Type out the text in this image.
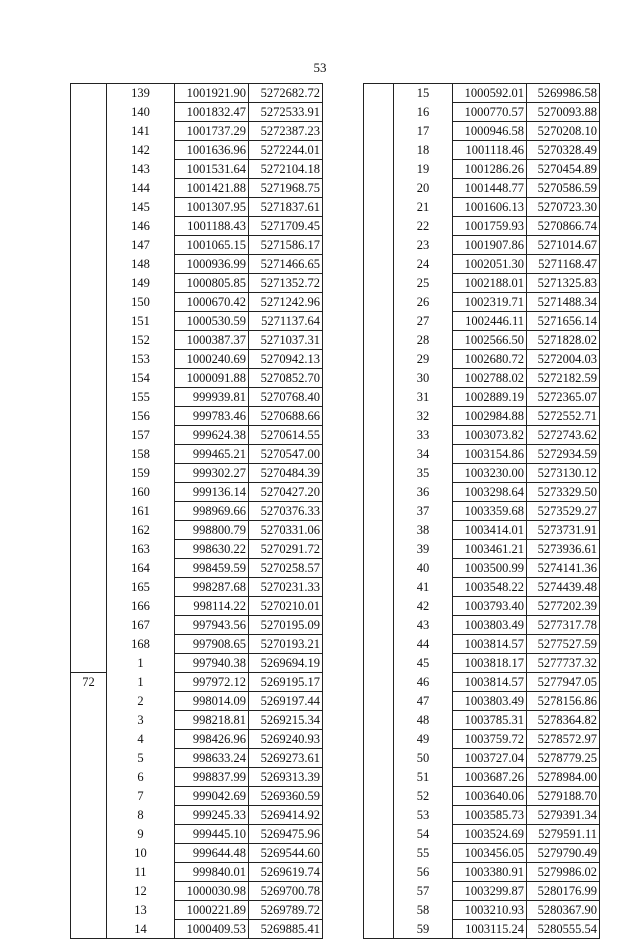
53
	139	1001921.90	5272682.72
	140	1001832.47	5272533.91
	141	1001737.29	5272387.23
	142	1001636.96	5272244.01
	143	1001531.64	5272104.18
	144	1001421.88	5271968.75
	145	1001307.95	5271837.61
	146	1001188.43	5271709.45
	147	1001065.15	5271586.17
	148	1000936.99	5271466.65
	149	1000805.85	5271352.72
	150	1000670.42	5271242.96
	151	1000530.59	5271137.64
	152	1000387.37	5271037.31
	153	1000240.69	5270942.13
	154	1000091.88	5270852.70
	155	999939.81	5270768.40
	156	999783.46	5270688.66
	157	999624.38	5270614.55
	158	999465.21	5270547.00
	159	999302.27	5270484.39
	160	999136.14	5270427.20
	161	998969.66	5270376.33
	162	998800.79	5270331.06
	163	998630.22	5270291.72
	164	998459.59	5270258.57
	165	998287.68	5270231.33
	166	998114.22	5270210.01
	167	997943.56	5270195.09
	168	997908.65	5270193.21
	1	997940.38	5269694.19
72	1	997972.12	5269195.17
	2	998014.09	5269197.44
	3	998218.81	5269215.34
	4	998426.96	5269240.93
	5	998633.24	5269273.61
	6	998837.99	5269313.39
	7	999042.69	5269360.59
	8	999245.33	5269414.92
	9	999445.10	5269475.96
	10	999644.48	5269544.60
	11	999840.01	5269619.74
	12	1000030.98	5269700.78
	13	1000221.89	5269789.72
	14	1000409.53	5269885.41
	15	1000592.01	5269986.58
	16	1000770.57	5270093.88
	17	1000946.58	5270208.10
	18	1001118.46	5270328.49
	19	1001286.26	5270454.89
	20	1001448.77	5270586.59
	21	1001606.13	5270723.30
	22	1001759.93	5270866.74
	23	1001907.86	5271014.67
	24	1002051.30	5271168.47
	25	1002188.01	5271325.83
	26	1002319.71	5271488.34
	27	1002446.11	5271656.14
	28	1002566.50	5271828.02
	29	1002680.72	5272004.03
	30	1002788.02	5272182.59
	31	1002889.19	5272365.07
	32	1002984.88	5272552.71
	33	1003073.82	5272743.62
	34	1003154.86	5272934.59
	35	1003230.00	5273130.12
	36	1003298.64	5273329.50
	37	1003359.68	5273529.27
	38	1003414.01	5273731.91
	39	1003461.21	5273936.61
	40	1003500.99	5274141.36
	41	1003548.22	5274439.48
	42	1003793.40	5277202.39
	43	1003803.49	5277317.78
	44	1003814.57	5277527.59
	45	1003818.17	5277737.32
	46	1003814.57	5277947.05
	47	1003803.49	5278156.86
	48	1003785.31	5278364.82
	49	1003759.72	5278572.97
	50	1003727.04	5278779.25
	51	1003687.26	5278984.00
	52	1003640.06	5279188.70
	53	1003585.73	5279391.34
	54	1003524.69	5279591.11
	55	1003456.05	5279790.49
	56	1003380.91	5279986.02
	57	1003299.87	5280176.99
	58	1003210.93	5280367.90
	59	1003115.24	5280555.54
